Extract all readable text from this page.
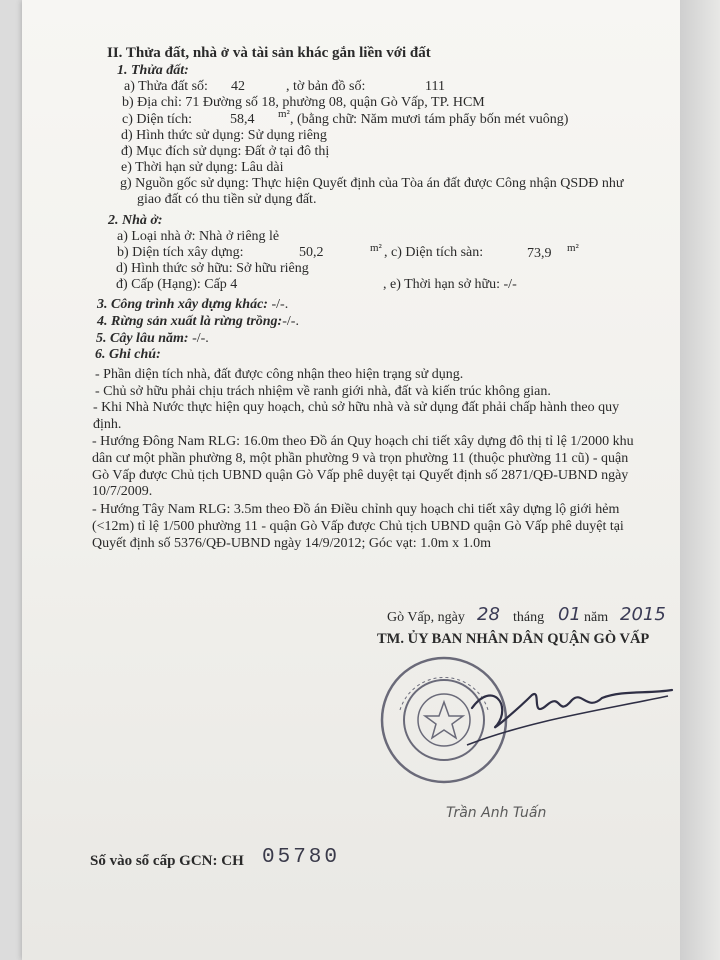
II. Thửa đất, nhà ở và tài sản khác gắn liền với đất
1. Thửa đất:
a) Thửa đất số: 42	, tờ bản đồ số:	111
b) Địa chỉ: 71 Đường số 18, phường 08, quận Gò Vấp, TP. HCM
c) Diện tích:	58,4 m² , (bằng chữ: Năm mươi tám phẩy bốn mét vuông)
d) Hình thức sử dụng: Sử dụng riêng
đ) Mục đích sử dụng: Đất ở tại đô thị
e) Thời hạn sử dụng: Lâu dài
g) Nguồn gốc sử dụng: Thực hiện Quyết định của Tòa án đất được Công nhận QSDĐ như
giao đất có thu tiền sử dụng đất.
2. Nhà ở:
a) Loại nhà ở: Nhà ở riêng lẻ
b) Diện tích xây dựng:	50,2	m² , c) Diện tích sàn:	73,9 m²
d) Hình thức sở hữu: Sở hữu riêng
đ) Cấp (Hạng): Cấp 4	, e) Thời hạn sở hữu: -/-
3. Công trình xây dựng khác: -/-.
4. Rừng sản xuất là rừng trồng:-/-.
5. Cây lâu năm: -/-.
6. Ghi chú:
- Phần diện tích nhà, đất được công nhận theo hiện trạng sử dụng.
- Chủ sở hữu phải chịu trách nhiệm về ranh giới nhà, đất và kiến trúc không gian.
- Khi Nhà Nước thực hiện quy hoạch, chủ sở hữu nhà và sử dụng đất phải chấp hành theo quy định.
- Hướng Đông Nam RLG: 16.0m theo Đồ án Quy hoạch chi tiết xây dựng đô thị tỉ lệ 1/2000 khu dân cư một phần phường 8, một phần phường 9 và trọn phường 11 (thuộc phường 11 cũ) - quận Gò Vấp được Chủ tịch UBND quận Gò Vấp phê duyệt tại Quyết định số 2871/QĐ-UBND ngày 10/7/2009.
- Hướng Tây Nam RLG: 3.5m theo Đồ án Điều chỉnh quy hoạch chi tiết xây dựng lộ giới hẻm (<12m) tỉ lệ 1/500 phường 11 - quận Gò Vấp được Chủ tịch UBND quận Gò Vấp phê duyệt tại Quyết định số 5376/QĐ-UBND ngày 14/9/2012; Góc vạt: 1.0m x 1.0m
Gò Vấp, ngày 28 tháng 01 năm 2015
TM. ỦY BAN NHÂN DÂN QUẬN GÒ VẤP
Trần Anh Tuấn
Số vào sổ cấp GCN: CH 05780
